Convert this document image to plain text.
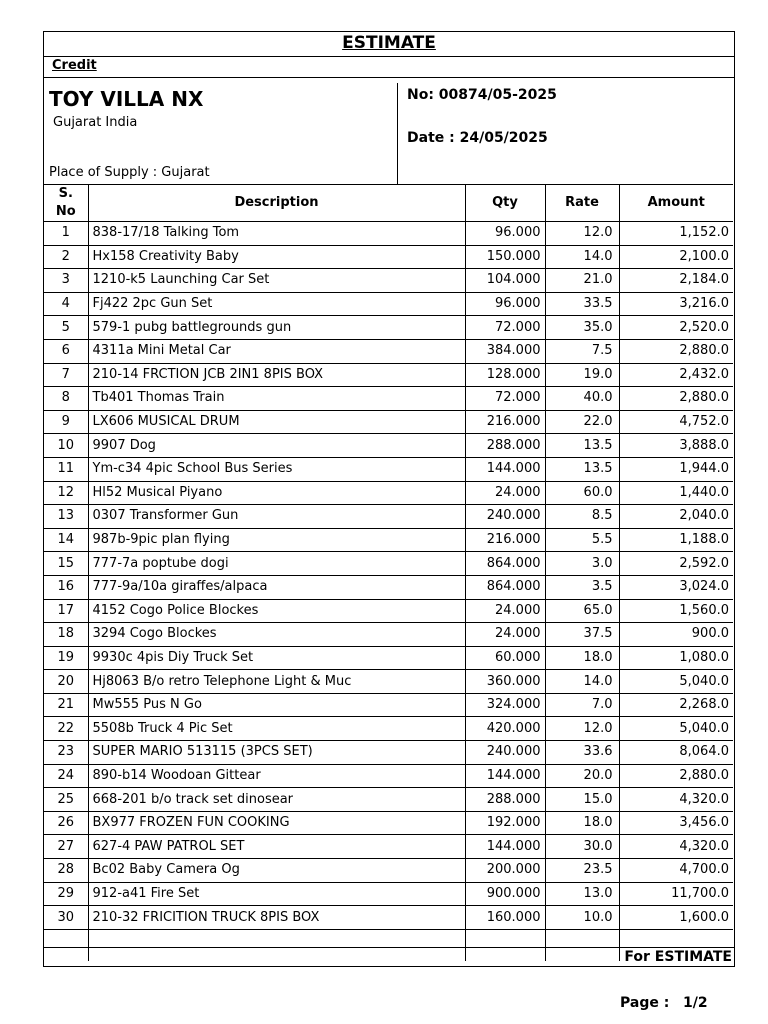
ESTIMATE
Credit
TOY VILLA NX
Gujarat India
Place of Supply : Gujarat
No: 00874/05-2025
Date : 24/05/2025
S. No	Description	Qty	Rate	Amount
1	838-17/18 Talking Tom	96.000	12.0	1,152.0
2	Hx158 Creativity Baby	150.000	14.0	2,100.0
3	1210-k5 Launching Car Set	104.000	21.0	2,184.0
4	Fj422 2pc Gun Set	96.000	33.5	3,216.0
5	579-1 pubg battlegrounds gun	72.000	35.0	2,520.0
6	4311a Mini Metal Car	384.000	7.5	2,880.0
7	210-14 FRCTION JCB 2IN1 8PIS BOX	128.000	19.0	2,432.0
8	Tb401 Thomas Train	72.000	40.0	2,880.0
9	LX606 MUSICAL DRUM	216.000	22.0	4,752.0
10	9907 Dog	288.000	13.5	3,888.0
11	Ym-c34 4pic School Bus Series	144.000	13.5	1,944.0
12	Hl52 Musical Piyano	24.000	60.0	1,440.0
13	0307 Transformer Gun	240.000	8.5	2,040.0
14	987b-9pic plan flying	216.000	5.5	1,188.0
15	777-7a poptube dogi	864.000	3.0	2,592.0
16	777-9a/10a giraffes/alpaca	864.000	3.5	3,024.0
17	4152 Cogo Police Blockes	24.000	65.0	1,560.0
18	3294 Cogo Blockes	24.000	37.5	900.0
19	9930c 4pis Diy Truck Set	60.000	18.0	1,080.0
20	Hj8063 B/o retro Telephone Light & Muc	360.000	14.0	5,040.0
21	Mw555 Pus N Go	324.000	7.0	2,268.0
22	5508b Truck 4 Pic Set	420.000	12.0	5,040.0
23	SUPER MARIO 513115 (3PCS SET)	240.000	33.6	8,064.0
24	890-b14 Woodoan Gittear	144.000	20.0	2,880.0
25	668-201 b/o track set dinosear	288.000	15.0	4,320.0
26	BX977 FROZEN FUN COOKING	192.000	18.0	3,456.0
27	627-4 PAW PATROL SET	144.000	30.0	4,320.0
28	Bc02 Baby Camera Og	200.000	23.5	4,700.0
29	912-a41 Fire Set	900.000	13.0	11,700.0
30	210-32 FRICITION TRUCK 8PIS BOX	160.000	10.0	1,600.0

For ESTIMATE
Page : 1/2
